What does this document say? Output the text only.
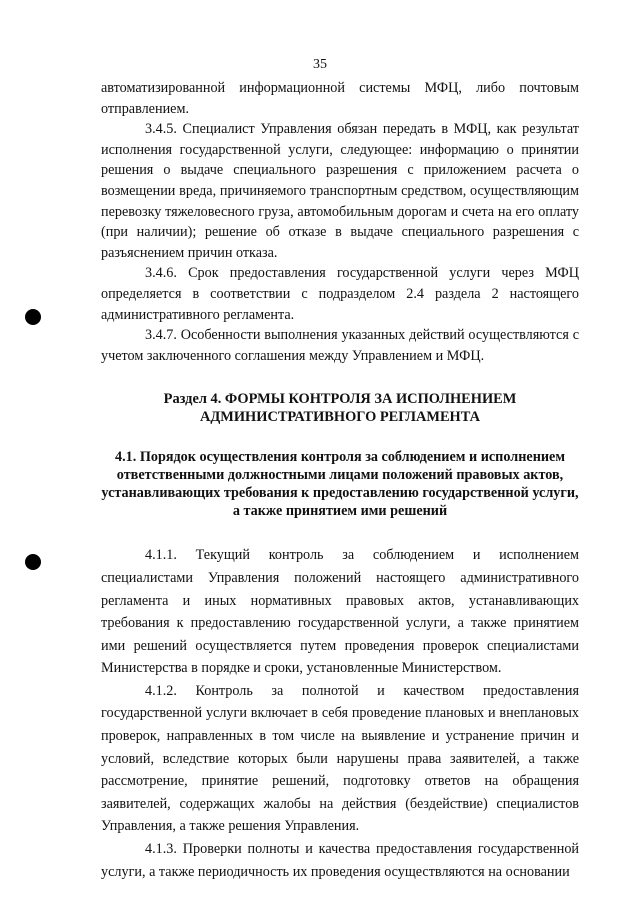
35

автоматизированной информационной системы МФЦ, либо почтовым отправлением.

3.4.5. Специалист Управления обязан передать в МФЦ, как результат исполнения государственной услуги, следующее: информацию о принятии решения о выдаче специального разрешения с приложением расчета о возмещении вреда, причиняемого транспортным средством, осуществляющим перевозку тяжеловесного груза, автомобильным дорогам и счета на его оплату (при наличии); решение об отказе в выдаче специального разрешения с разъяснением причин отказа.

3.4.6. Срок предоставления государственной услуги через МФЦ определяется в соответствии с подразделом 2.4 раздела 2 настоящего административного регламента.

3.4.7. Особенности выполнения указанных действий осуществляются с учетом заключенного соглашения между Управлением и МФЦ.

Раздел 4. ФОРМЫ КОНТРОЛЯ ЗА ИСПОЛНЕНИЕМ АДМИНИСТРАТИВНОГО РЕГЛАМЕНТА
4.1. Порядок осуществления контроля за соблюдением и исполнением ответственными должностными лицами положений правовых актов, устанавливающих требования к предоставлению государственной услуги, а также принятием ими решений

4.1.1. Текущий контроль за соблюдением и исполнением специалистами Управления положений настоящего административного регламента и иных нормативных правовых актов, устанавливающих требования к предоставлению государственной услуги, а также принятием ими решений осуществляется путем проведения проверок специалистами Министерства в порядке и сроки, установленные Министерством.

4.1.2. Контроль за полнотой и качеством предоставления государственной услуги включает в себя проведение плановых и внеплановых проверок, направленных в том числе на выявление и устранение причин и условий, вследствие которых были нарушены права заявителей, а также рассмотрение, принятие решений, подготовку ответов на обращения заявителей, содержащих жалобы на действия (бездействие) специалистов Управления, а также решения Управления.

4.1.3. Проверки полноты и качества предоставления государственной услуги, а также периодичность их проведения осуществляются на основании
